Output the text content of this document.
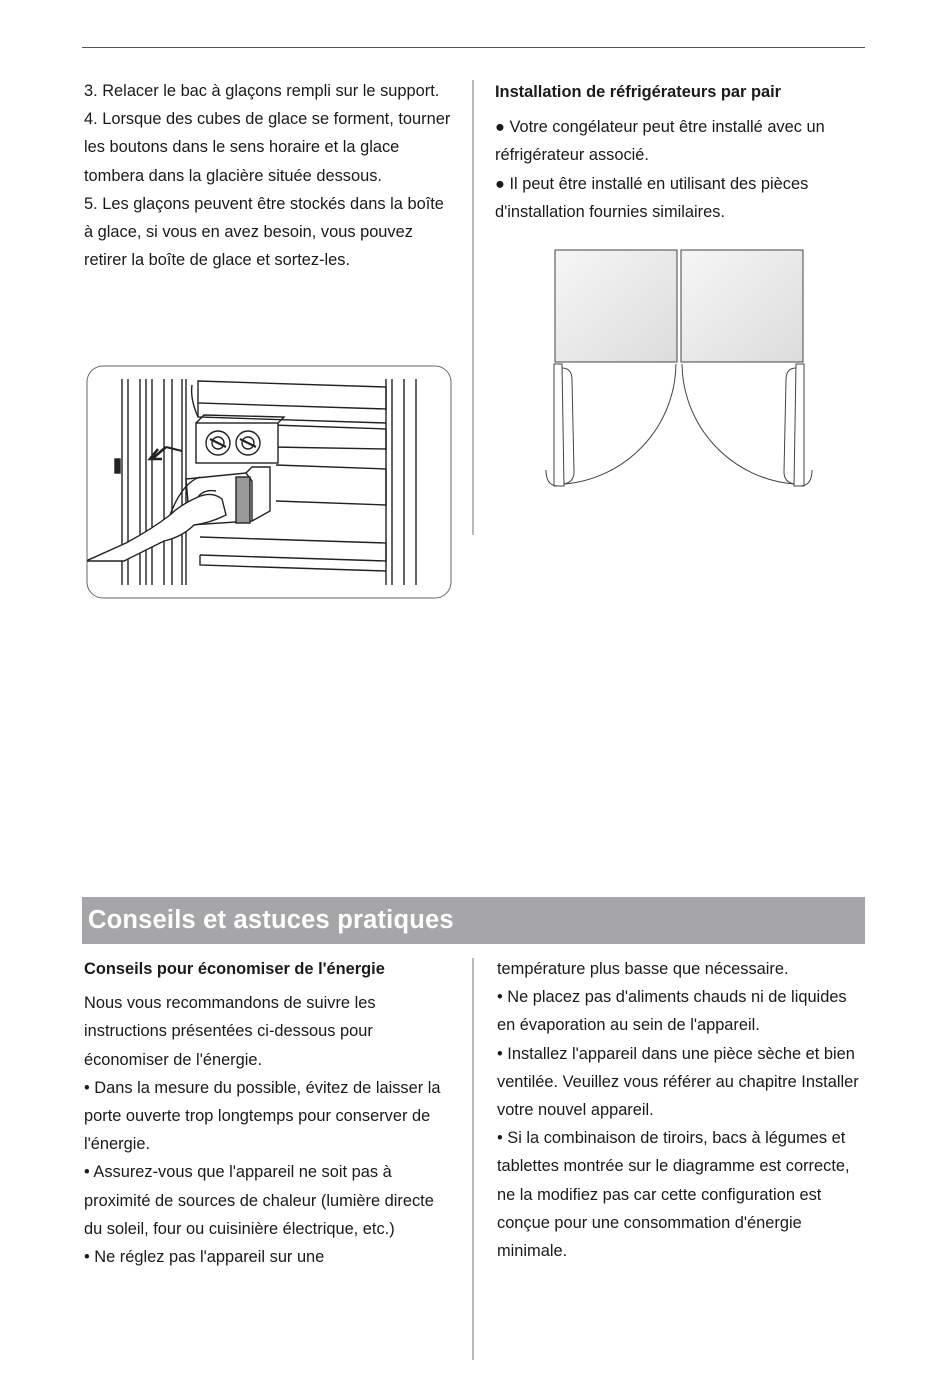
3. Relacer le bac à glaçons rempli sur le support.

4. Lorsque des cubes de glace se forment, tourner les boutons dans le sens horaire et la glace tombera dans la glacière située dessous.

5. Les glaçons peuvent être stockés dans la boîte à glace, si vous en avez besoin, vous pouvez retirer la boîte de glace et sortez-les.

Installation de réfrigérateurs par pair

● Votre congélateur peut être installé avec un réfrigérateur associé.

● Il peut être installé en utilisant des pièces d'installation fournies similaires.

Conseils et astuces pratiques

Conseils pour économiser de l'énergie

Nous vous recommandons de suivre les instructions présentées ci-dessous pour économiser de l'énergie.

• Dans la mesure du possible, évitez de laisser la porte ouverte trop longtemps pour conserver de l'énergie.

• Assurez-vous que l'appareil ne soit pas à proximité de sources de chaleur (lumière directe du soleil, four ou cuisinière électrique, etc.)

• Ne réglez pas l'appareil sur une

température plus basse que nécessaire.

• Ne placez pas d'aliments chauds ni de liquides en évaporation au sein de l'appareil.

• Installez l'appareil dans une pièce sèche et bien ventilée. Veuillez vous référer au chapitre Installer votre nouvel appareil.

• Si la combinaison de tiroirs, bacs à légumes et tablettes montrée sur le diagramme est correcte, ne la modifiez pas car cette configuration est conçue pour une consommation d'énergie minimale.
